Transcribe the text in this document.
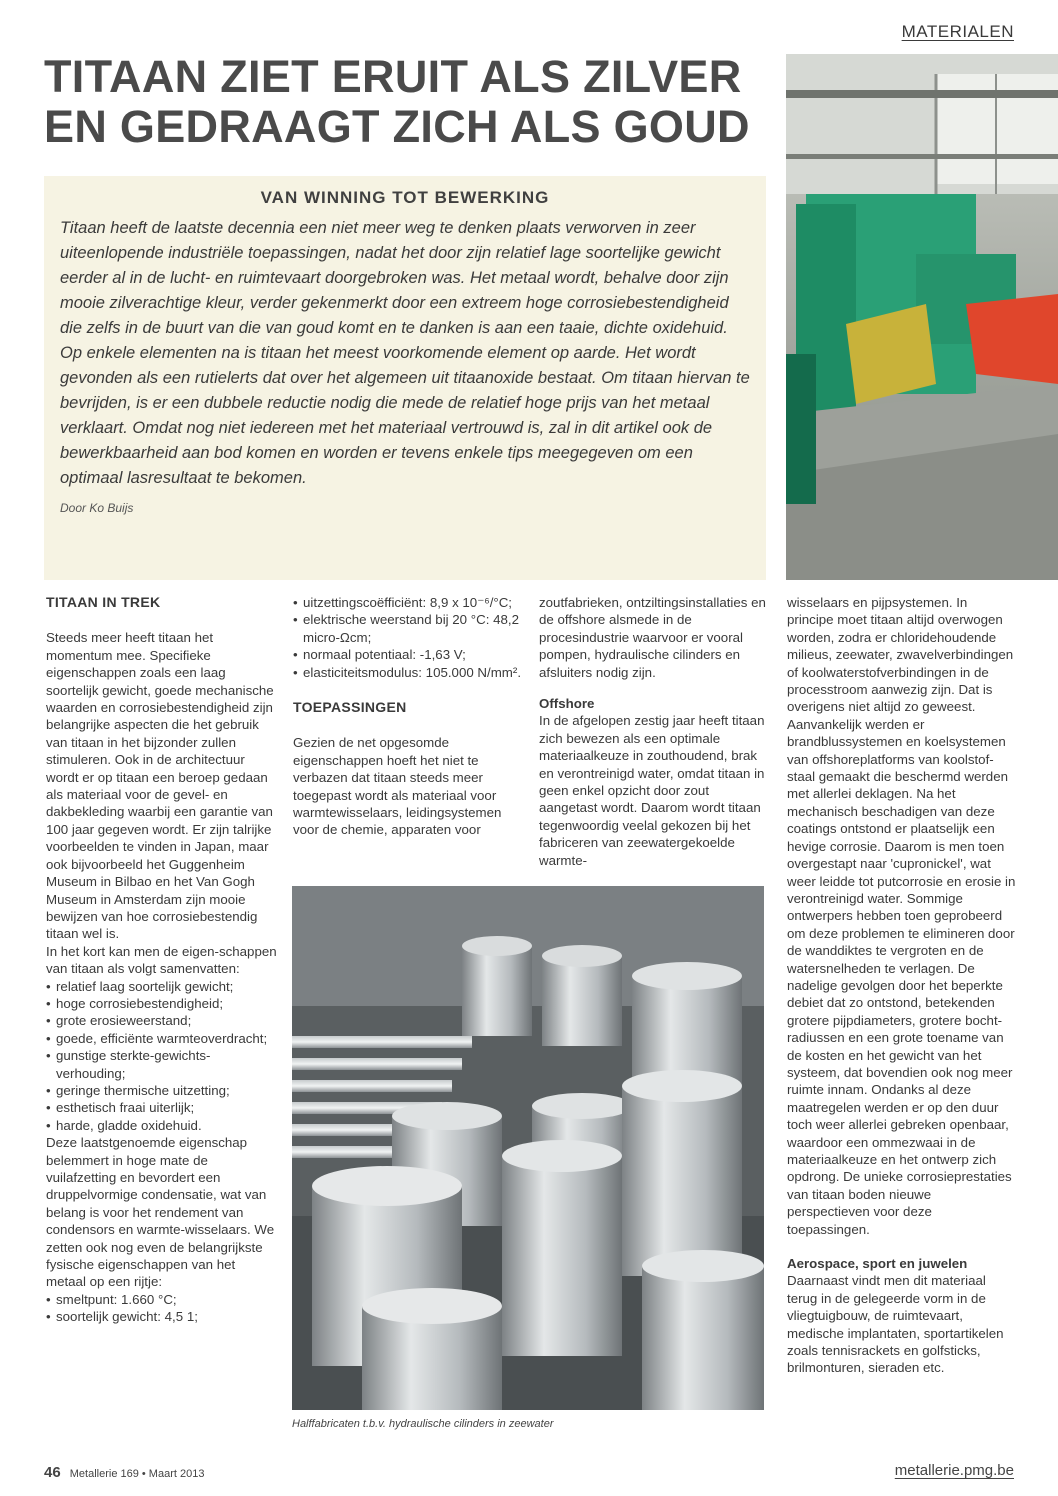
MATERIALEN
TITAAN ZIET ERUIT ALS ZILVER
EN GEDRAAGT ZICH ALS GOUD
VAN WINNING TOT BEWERKING

Titaan heeft de laatste decennia een niet meer weg te denken plaats verworven in zeer uiteenlopende industriële toepassingen, nadat het door zijn relatief lage soortelijke gewicht eerder al in de lucht- en ruimtevaart doorgebroken was. Het metaal wordt, behalve door zijn mooie zilverachtige kleur, verder gekenmerkt door een extreem hoge corrosiebestendigheid die zelfs in de buurt van die van goud komt en te danken is aan een taaie, dichte oxidehuid. Op enkele elementen na is titaan het meest voorkomende element op aarde. Het wordt gevonden als een rutielerts dat over het algemeen uit titaanoxide bestaat. Om titaan hiervan te bevrijden, is er een dubbele reductie nodig die mede de relatief hoge prijs van het metaal verklaart. Omdat nog niet iedereen met het materiaal vertrouwd is, zal in dit artikel ook de bewerkbaarheid aan bod komen en worden er tevens enkele tips meegegeven om een optimaal lasresultaat te bekomen.

Door Ko Buijs

TITAAN IN TREK

Steeds meer heeft titaan het momentum mee. Specifieke eigenschappen zoals een laag soortelijk gewicht, goede mechanische waarden en corrosiebestendigheid zijn belangrijke aspecten die het gebruik van titaan in het bijzonder zullen stimuleren. Ook in de architectuur wordt er op titaan een beroep gedaan als materiaal voor de gevel- en dakbekleding waarbij een garantie van 100 jaar gegeven wordt. Er zijn talrijke voorbeelden te vinden in Japan, maar ook bijvoorbeeld het Guggenheim Museum in Bilbao en het Van Gogh Museum in Amsterdam zijn mooie bewijzen van hoe corrosiebestendig titaan wel is.

In het kort kan men de eigen-schappen van titaan als volgt samenvatten:

• relatief laag soortelijk gewicht;
• hoge corrosiebestendigheid;
• grote erosieweerstand;
• goede, efficiënte warmteoverdracht;
• gunstige sterkte-gewichts-verhouding;
• geringe thermische uitzetting;
• esthetisch fraai uiterlijk;
• harde, gladde oxidehuid.

Deze laatstgenoemde eigenschap belemmert in hoge mate de vuilafzetting en bevordert een druppelvormige condensatie, wat van belang is voor het rendement van condensors en warmte-wisselaars. We zetten ook nog even de belangrijkste fysische eigenschappen van het metaal op een rijtje:

• smeltpunt: 1.660 °C;
• soortelijk gewicht: 4,5 1;
• uitzettingscoëfficiënt: 8,9 x 10⁻⁶/°C;
• elektrische weerstand bij 20 °C: 48,2 micro-Ωcm;
• normaal potentiaal: -1,63 V;
• elasticiteitsmodulus: 105.000 N/mm².
TOEPASSINGEN

Gezien de net opgesomde eigenschappen hoeft het niet te verbazen dat titaan steeds meer toegepast wordt als materiaal voor warmtewisselaars, leidingsystemen voor de chemie, apparaten voor

zoutfabrieken, ontziltingsinstallaties en de offshore alsmede in de procesindustrie waarvoor er vooral pompen, hydraulische cilinders en afsluiters nodig zijn.

Offshore

In de afgelopen zestig jaar heeft titaan zich bewezen als een optimale materiaalkeuze in zouthoudend, brak en verontreinigd water, omdat titaan in geen enkel opzicht door zout aangetast wordt. Daarom wordt titaan tegenwoordig veelal gekozen bij het fabriceren van zeewatergekoelde warmte-

wisselaars en pijpsystemen. In principe moet titaan altijd overwogen worden, zodra er chloridehoudende milieus, zeewater, zwavelverbindingen of koolwaterstofverbindingen in de processtroom aanwezig zijn. Dat is overigens niet altijd zo geweest. Aanvankelijk werden er brandblussystemen en koelsystemen van offshoreplatforms van koolstof-staal gemaakt die beschermd werden met allerlei deklagen. Na het mechanisch beschadigen van deze coatings ontstond er plaatselijk een hevige corrosie. Daarom is men toen overgestapt naar 'cupronickel', wat weer leidde tot putcorrosie en erosie in verontreinigd water. Sommige ontwerpers hebben toen geprobeerd om deze problemen te elimineren door de wanddiktes te vergroten en de watersnelheden te verlagen. De nadelige gevolgen door het beperkte debiet dat zo ontstond, betekenden grotere pijpdiameters, grotere bocht-radiussen en een grote toename van de kosten en het gewicht van het systeem, dat bovendien ook nog meer ruimte innam. Ondanks al deze maatregelen werden er op den duur toch weer allerlei gebreken openbaar, waardoor een ommezwaai in de materiaalkeuze en het ontwerp zich opdrong. De unieke corrosieprestaties van titaan boden nieuwe perspectieven voor deze toepassingen.

Aerospace, sport en juwelen

Daarnaast vindt men dit materiaal terug in de gelegeerde vorm in de vliegtuigbouw, de ruimtevaart, medische implantaten, sportartikelen zoals tennisrackets en golfsticks, brilmonturen, sieraden etc.

Halffabricaten t.b.v. hydraulische cilinders in zeewater
46 Metallerie 169 • Maart 2013	metallerie.pmg.be
